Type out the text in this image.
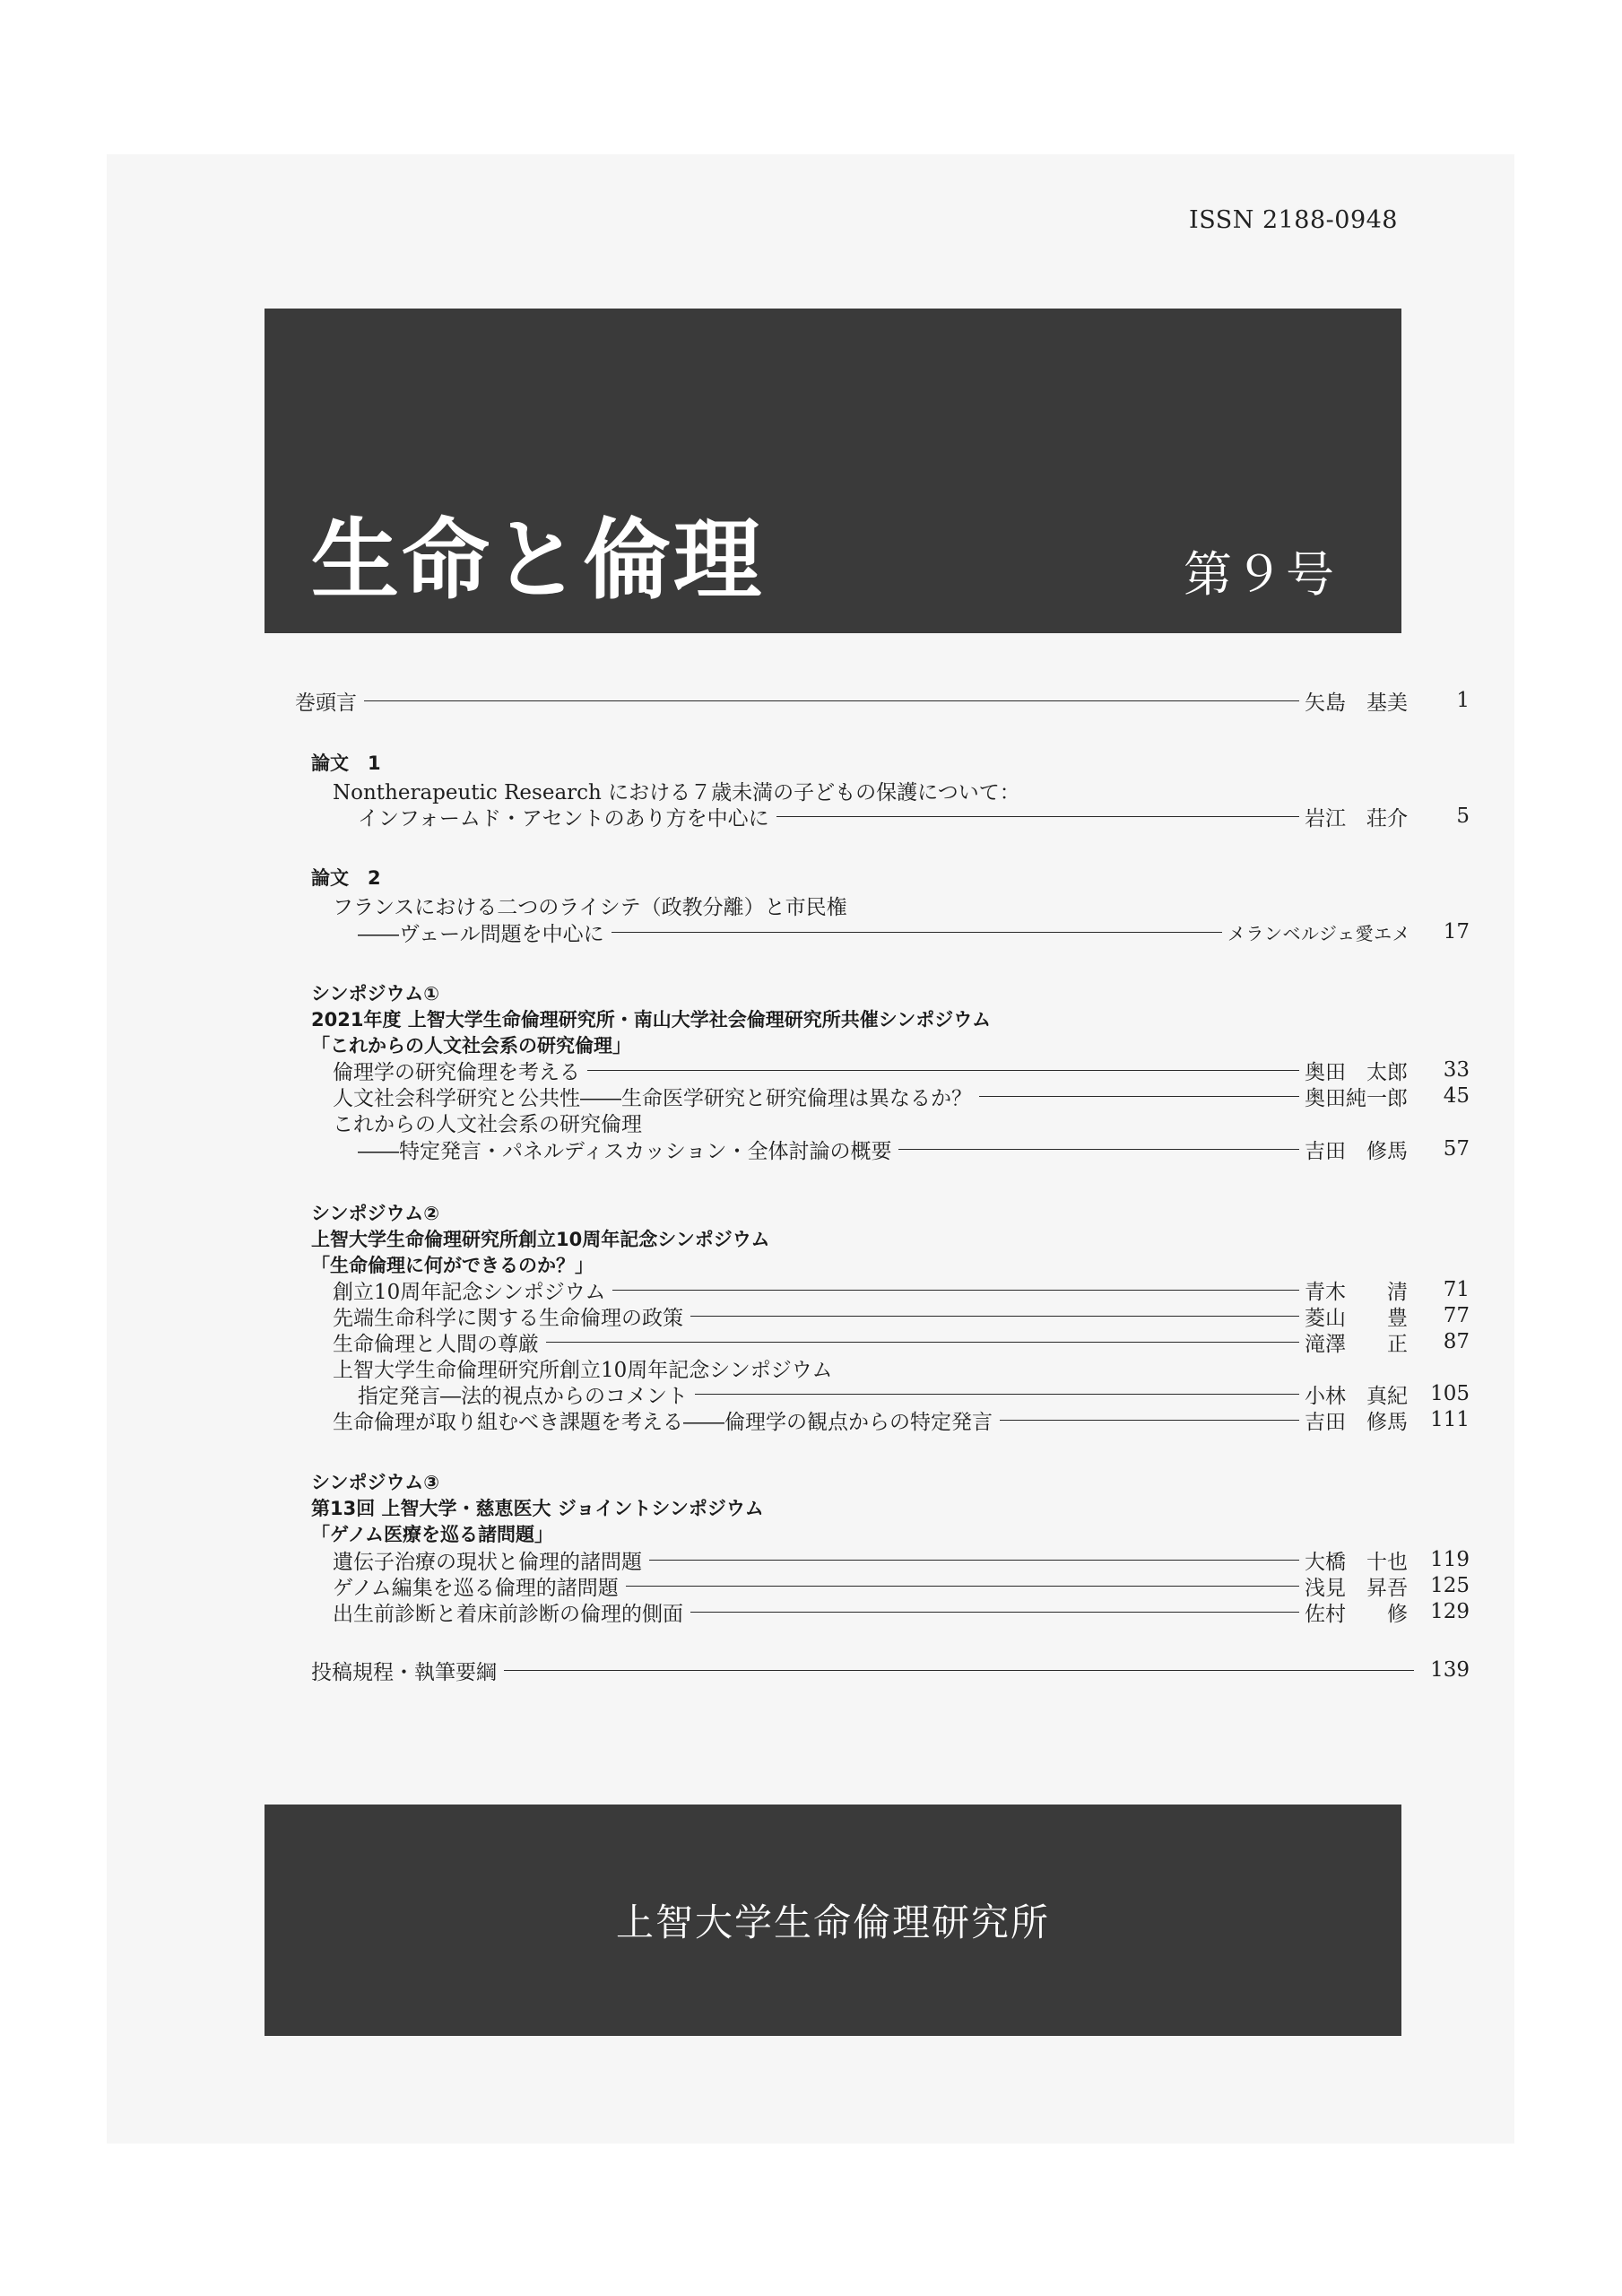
ISSN 2188-0948
生命と倫理	第９号
巻頭言	矢島　基美	1
論文　1
Nontherapeutic Research における７歳未満の子どもの保護について：
インフォームド・アセントのあり方を中心に	岩江　荘介	5
論文　2
フランスにおける二つのライシテ（政教分離）と市民権
――ヴェール問題を中心に	メランベルジェ愛エメ	17
シンポジウム①
2021年度 上智大学生命倫理研究所・南山大学社会倫理研究所共催シンポジウム
「これからの人文社会系の研究倫理」
倫理学の研究倫理を考える	奥田　太郎	33
人文社会科学研究と公共性――生命医学研究と研究倫理は異なるか？	奥田純一郎	45
これからの人文社会系の研究倫理
――特定発言・パネルディスカッション・全体討論の概要	吉田　修馬	57
シンポジウム②
上智大学生命倫理研究所創立10周年記念シンポジウム
「生命倫理に何ができるのか？」
創立10周年記念シンポジウム	青木　　清	71
先端生命科学に関する生命倫理の政策	菱山　　豊	77
生命倫理と人間の尊厳	滝澤　　正	87
上智大学生命倫理研究所創立10周年記念シンポジウム
指定発言―法的視点からのコメント	小林　真紀	105
生命倫理が取り組むべき課題を考える――倫理学の観点からの特定発言	吉田　修馬	111
シンポジウム③
第13回 上智大学・慈恵医大 ジョイントシンポジウム
「ゲノム医療を巡る諸問題」
遺伝子治療の現状と倫理的諸問題	大橋　十也	119
ゲノム編集を巡る倫理的諸問題	浅見　昇吾	125
出生前診断と着床前診断の倫理的側面	佐村　　修	129
投稿規程・執筆要綱	139
上智大学生命倫理研究所
